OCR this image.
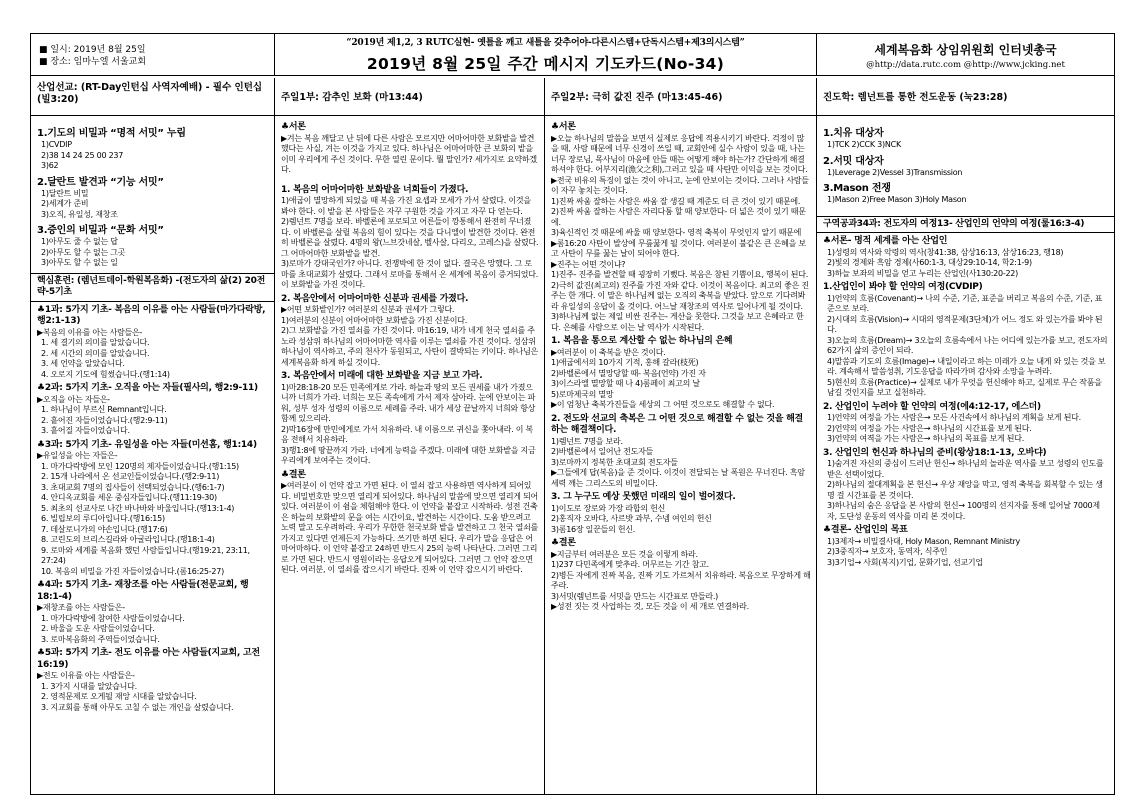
■ 일시: 2019년 8월 25일

■ 장소: 임마누엘 서울교회

“2019년 제1,2, 3 RUTC실현- 옛틀을 깨고 새틀을 갖추어야-다른시스템+단독시스템+제3의시스템”
2019년 8월 25일 주간 메시지 기도카드(No-34)
세계복음화 상임위원회 인터넷총국
@http://data.rutc.com @http://www.jcking.net
산업선교: (RT-Day인턴십 사역자예배) - 필수 인턴십(빌3:20)
1.기도의 비밀과 “명적 서밋” 누림

1)CVDIP

2)38 14 24 25 00 237

3)62

2.달란트 발견과 “기능 서밋”

1)달란트 비밀

2)세계가 준비

3)오직, 유일성, 재창조

3.증인의 비밀과 “문화 서밋”

1)아무도 줄 수 없는 답

2)아무도 할 수 없는 그곳

3)아무도 할 수 없는 일

핵심훈련: (렘넌트데이-학원복음화) -(전도자의 삶(2) 20전략-5기초
♣1과: 5가지 기초- 복음의 이유를 아는 사람들(마가다락방, 행2:1-13)

▶복음의 이유를 아는 사람들은-

1. 세 결기의 의미를 알았습니다.

2. 세 시간의 의미를 알았습니다.

3. 세 언약을 알았습니다.

4. 오로지 기도에 힘썼습니다.(행1:14)

♣2과: 5가지 기초- 오직을 아는 자들(필사의, 행2:9-11)

▶오직을 아는 자들은-

1. 하나님이 부르신 Remnant입니다.

2. 흩어진 자들이었습니다.(행2:9-11)

3. 흩어질 자들이었습니다.

♣3과: 5가지 기초- 유일성을 아는 자들(미션홈, 행1:14)

▶유일성을 아는 자들은-

1. 마가다락방에 모인 120명의 제자들이었습니다.(행1:15)

2. 15개 나라에서 온 선교인들이었습니다.(행2:9-11)

3. 초대교회 7명의 집사들이 선택되었습니다.(행6:1-7)

4. 안디옥교회를 세운 중심자들입니다.(행11:19-30)

5. 최초의 선교사로 나간 바나바와 바울입니다.(행13:1-4)

6. 빌립보의 루디아입니다.(행16:15)

7. 데살로니가의 야손입니다.(행17:6)

8. 고린도의 브리스길라와 아굴라입니다.(행18:1-4)

9. 로마와 세계를 복음화 했던 사람들입니다.(행19:21, 23:11, 27:24)

10. 복음의 비밀을 가진 자들이었습니다.(롬16:25-27)

♣4과: 5가지 기초- 재창조를 아는 사람들(전문교회, 행18:1-4)

▶재창조를 아는 사람들은-

1. 마가다락방에 참여한 사람들이었습니다.

2. 바울을 도운 사람들이었습니다.

3. 로마복음화의 주역들이었습니다.

♣5과: 5가지 기초- 전도 이유를 아는 사람들(지교회, 고전16:19)

▶전도 이유를 아는 사람들은-

1. 3가지 시대를 알았습니다.

2. 영적문제로 오게될 재앙 시대를 알았습니다.

3. 지교회를 통해 아무도 고칠 수 없는 개인을 살렸습니다.

주일1부: 감추인 보화 (마13:44)
♣서론

▶겨는 복음 깨달고 난 뒤에 다른 사람은 모르지만 어마어마한 보화밭을 발견했다는 사실, 겨는 이것을 가지고 있다. 하나님은 어마어마한 큰 보화의 밭을 이미 우리에게 주신 것이다. 무한 열린 문이다. 뭘 말인가? 세가지로 요약하겠다.

1. 복음의 어마어마한 보화밭을 너희들이 가졌다.

1)애굽이 멸망하게 되었을 때 복음 가진 요셉과 모세가 가서 살렸다. 이것을 봐야 한다. 이 밭을 본 사람들은 자꾸 구원한 것을 가지고 자꾸 다 얻는다.

2)렘넌트 7명을 보라. 바벨론에 포로되고 어른들이 깡통해서 완전히 무너졌다. 이 바벨론을 살릴 복음의 힘이 있다는 것을 다니엘이 발견한 것이다. 완전히 바벨론을 살렸다. 4명의 왕(느브갓네살, 벨사살, 다리오, 고레스)을 살렸다. 그 어마어마한 보화밭을 발견.

3)로마가 강대국인가? 아니다. 전쟁박에 한 것이 없다. 결국은 망했다. 그 로마를 초대교회가 살렸다. 그래서 로마를 통해서 온 세계에 복음이 증거되었다. 이 보화밭을 가진 것이다.

2. 복음안에서 어마어마한 신분과 권세를 가졌다.

▶어떤 보화밭인가? 여러분의 신분과 권세가 그렇다.

1)여러분의 신분이 어마어마한 보화밭을 가진 신분이다.

2)그 보화밭을 가진 열쇠를 가진 것이다. 마16:19, 내가 네게 천국 열쇠를 주노라 성삼위 하나님의 어마어마한 역사를 이루는 열쇠를 가진 것이다. 성삼위 하나님이 역사하고, 주의 천사가 동원되고, 사탄이 결박되는 키이다. 하나님은 세계복음화 하게 하실 것이다.

3. 복음안에서 미래에 대한 보화밭을 지금 보고 가라.

1)마28:18-20 모든 민족에게로 가라. 하늘과 땅의 모든 권세를 내가 가졌으니까 너희가 가라. 너희는 모든 족속에게 가서 제자 삼아라. 눈에 안보이는 파워, 성부 성자 성령의 이름으로 세례를 주라. 내가 세상 끝날까지 너희와 항상 함께 있으리라.

2)막16장에 만민에게로 가서 치유하라. 내 이름으로 귀신을 쫓아내라. 이 복음 전해서 치유하라.

3)행1:8에 땅끝까지 가라. 너에게 능력을 주겠다. 미래에 대한 보화밭을 지금 우리에게 보여주는 것이다.

♣결론

▶여러분이 이 언약 잡고 가면 된다. 이 열쇠 잡고 사용하면 역사하게 되어있다. 비밀번호만 맞으면 열리게 되어있다. 하나님의 말씀에 맞으면 열리게 되어있다. 여러분이 이 쉼을 체험해야 한다. 이 언약을 붙잡고 시작하라. 성전 건축은 하늘의 보화밭의 문을 여는 시간이요, 발견하는 시간이다. 도움 받으려고 노력 말고 도우려하라. 우리가 무한한 천국보화 밭을 발견하고 그 천국 열쇠를 가지고 있다면 언제든지 가능하다. 쓰기만 하면 된다. 우리가 말을 응답은 어마어마하다. 이 언약 붙잡고 24하면 반드시 25의 능력 나타난다. 그러면 그리로 가면 된다. 반드시 영원이라는 응답오게 되어있다. 그러면 그 언약 잡으면 된다. 여러분, 이 열쇠를 잡으시기 바란다. 진짜 이 언약 잡으시기 바란다.

주일2부: 극히 값진 진주 (마13:45-46)
♣서론

▶오늘 하나님의 말씀을 보면서 실제로 응답에 적용시키기 바란다. 걱정이 많을 때, 사람 때문에 너무 신경이 쓰일 때, 교회안에 실수 사람이 있을 때, 나는 너무 장로님, 목사님이 마음에 안들 때는 어떻게 해야 하는가? 간단하게 해결하셔야 한다. 어부지리(漁父之利),그러고 있을 때 사탄만 이익을 보는 것이다.

▶전국 비유의 특징이 없는 것이 아니고, 눈에 안보이는 것이다. 그러나 사람들이 자꾸 놓치는 것이다.

1)진짜 싸움 잘하는 사람은 싸움 잘 생길 때 계준도 더 큰 것이 있기 때문에.

2)진짜 싸움 잘하는 사람은 자리다툼 할 때 양보한다- 더 넓은 것이 있기 때문에.

3)육신적인 것 때문에 싸울 때 양보한다- 영적 축복이 무엇인지 알기 때문에

▶롬16:20 사탄이 발상에 무릎꿇게 될 것이다. 여러분이 불같은 큰 은혜을 보고 사탄이 무릎 꿇는 날이 되어야 한다.

▶진주는 어떤 것이냐?

1)진주- 진주를 발견할 때 굉장히 기뻤다. 복음은 참된 기쁨이요, 행복이 된다.

2)극히 값진(최고의) 진주를 가진 자와 같다. 이것이 복음이다. 최고의 좋은 진주는 한 개다. 이 말은 하나님께 없는 오직의 축복을 받았다. 앞으로 기다려봐라 유일성의 응답이 올 것이다. 어느날 재창조의 역사로 일어나게 될 것이다.

3)하나님께 없는 제일 비싼 진주는- 게산을 못한다. 그것을 보고 은혜라고 한다. 은혜를 사람으로 이는 날 역사가 시작된다.

1. 복음을 통으로 계산할 수 없는 하나님의 은혜

▶여러분이 이 축복을 받은 것이다.

1)애굽에서의 10가지 기적, 홍해 갈라(枝死)

2)바벨론에서 멸망당할 때- 복음(언약) 가진 자

3)이스라엘 멸망할 때 나 4)롬페이 최고의 날

5)로마제국의 멸망

▶이 엄청난 축복가진들을 세상의 그 어떤 것으로도 해결할 수 없다.

2. 전도와 선교의 축복은 그 어떤 것으로 해결할 수 없는 것을 해결하는 해결책이다.

1)렘넌트 7명을 보라.

2)바벨론에서 일어난 전도자들

3)로마까지 정복한 초대교회 전도자들

▶그들에게 답(복음)을 준 것이다. 이것이 전달되는 날 폭원은 무너진다. 흑암세력 깨는 그리스도의 비밀이다.

3. 그 누구도 예상 못했던 미래의 일이 벌어졌다.

1)이도로 장로와 가장 라합의 헌신

2)홍직자 오바댜, 사르밧 과부, 수넴 여인의 헌신

3)롬16장 일꾼들의 헌신.

♣결론

▶지금부터 여러분은 모든 것을 이렇게 하라.

1)237 다민족에게 맞추라. 머무르는 기간 참고.

2)병든 자에게 진짜 복음, 진짜 기도 가르쳐서 치유하라. 복음으로 무장하게 해주라.

3)서밋(렘넌트를 서밋을 만드는 시간표로 만들라.)

▶성전 짓는 것 사업하는 것, 모든 것을 이 세 개로 연결하라.

진도학: 렘넌트를 통한 전도운동 (눅23:28)
1.치유 대상자

1)TCK 2)CCK 3)NCK

2.서밋 대상자

1)Leverage 2)Vessel 3)Transmission

3.Mason 전쟁

1)Mason 2)Free Mason 3)Holy Mason

구역공과34과: 전도자의 여정13- 산업인의 언약의 여정(룰16:3-4)
♣서론- 명적 세계를 아는 산업인

1)성령의 역사와 악령의 역사(창41:38, 삼상16:13, 삼상16:23, 행18)

2)빛의 경제와 흑암 경제(사60:1-3, 대상29:10-14, 학2:1-9)

3)하늘 보좌의 비밀을 얻고 누리는 산업인(사130:20-22)

1.산업인이 봐야 할 언약의 여정(CVDIP)

1)언약의 흐름(Covenant)→ 나의 수준, 기준, 표준을 버리고 복음의 수준, 기준, 표준으로 보라.

2)시대의 흐름(Vision)→ 시대의 영적문제(3단체)가 어느 정도 와 있는가를 봐야 된다.

3)오늘의 흐름(Dream)→ 3오늘의 흐름속에서 나는 어디에 있는가를 보고, 전도자의 62가지 삶의 증인이 되라.

4)말씀과 기도의 흐름(Image)→ 내일이라고 하는 미래가 오늘 내게 와 있는 것을 보라. 계속해서 말씀성취, 기도응답을 따라가며 감사와 소망을 누려라.

5)현신의 흐름(Practice)→ 실제로 내가 무엇을 헌신해야 하고, 실제로 무슨 작품을 남길 것인지를 보고 실천하라.

2. 산업인이 누려야 할 언약의 여정(에4:12-17, 에스더)

1)언약의 여정을 가는 사람은→ 모든 사건속에서 하나님의 계획을 보게 된다.

2)언약의 여정을 가는 사람은→ 하나님의 시간표를 보게 된다.

3)언약의 여젹을 가는 사람은→ 하나님의 목표를 보게 된다.

3. 산업인의 헌신과 하나님의 준비(왕상18:1-13, 오바댜)

1)숨겨진 자신의 중심이 드러난 헌신→ 하나님의 놀라운 역사를 보고 성령의 인도를 받은 선택이었다.

2)하나님의 절대계획을 본 헌신→ 우상 재앙을 막고, 영적 축복을 회복할 수 있는 생명 걸 시간표를 본 것이다.

3)하나님의 숨은 응답을 본 사람의 헌신→ 100명의 선지자를 통해 일어날 7000제자, 도단성 운동의 역사를 미리 본 것이다.

♣결론- 산업인의 목표

1)3제자→ 비밀결사대, Holy Mason, Remnant Ministry

2)3중직자→ 보호자, 동역자, 식주인

3)3기업→ 사회(복지)기업, 문화기업, 선교기업
